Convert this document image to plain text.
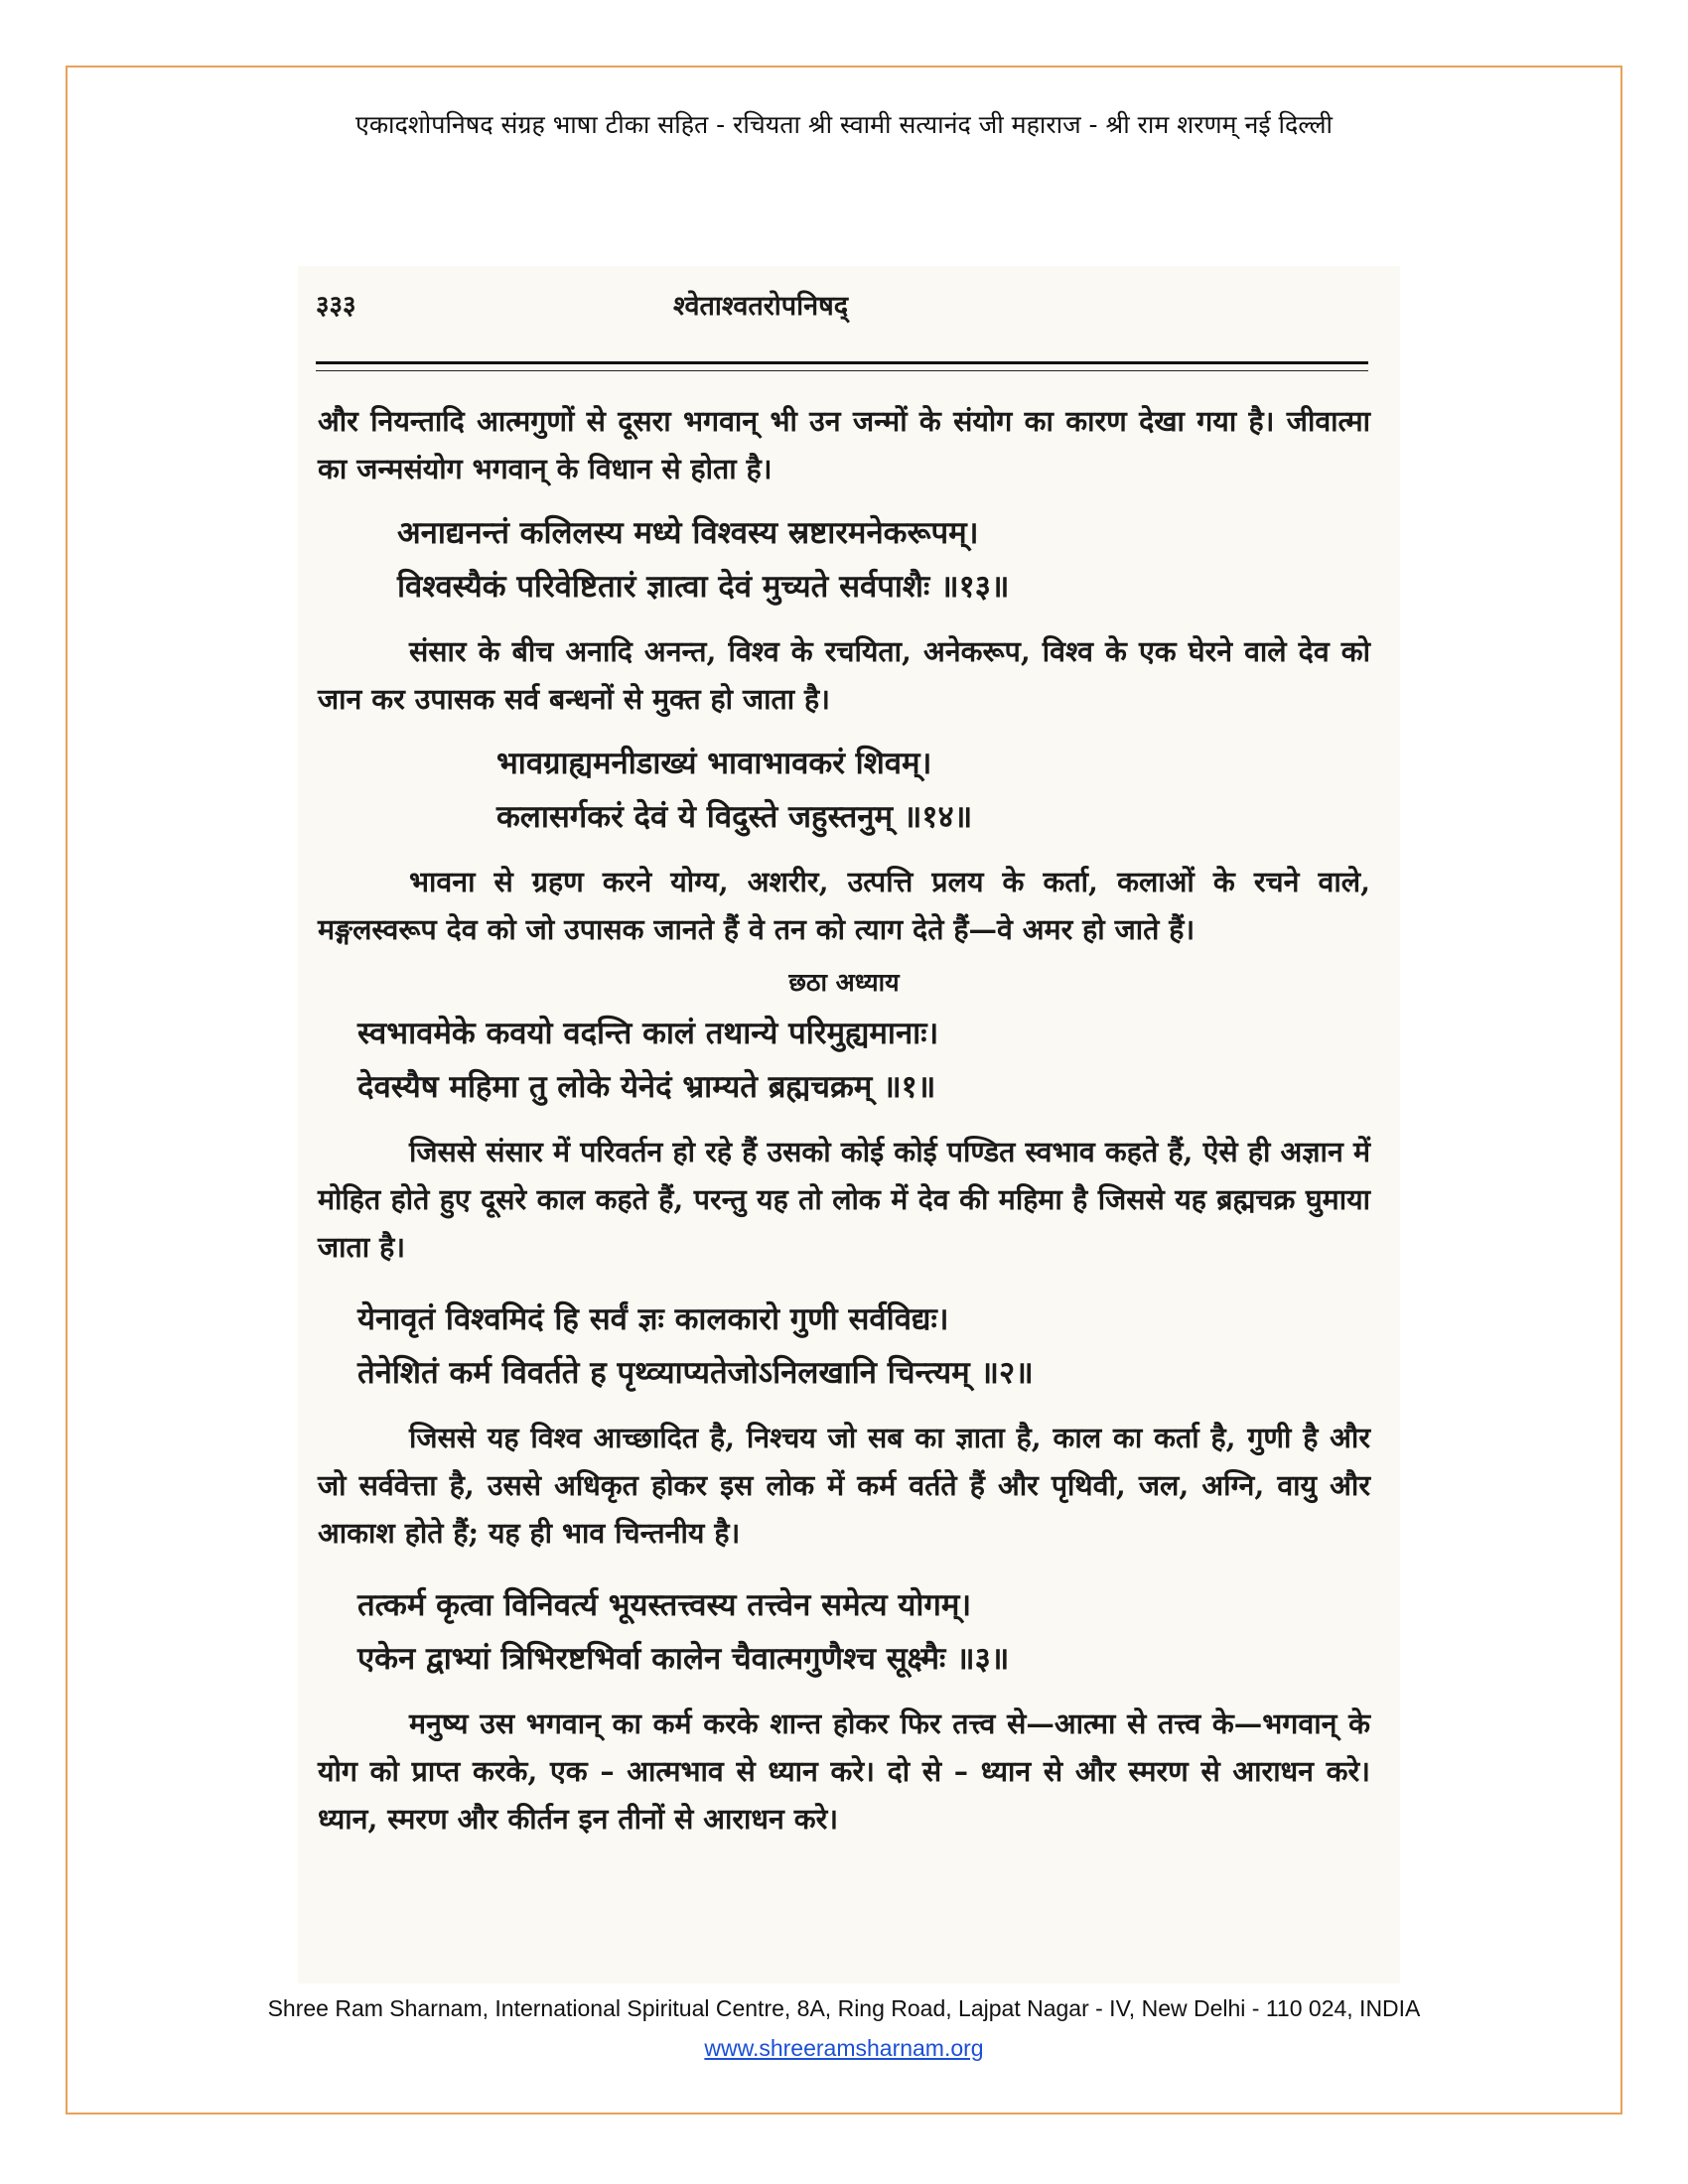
एकादशोपनिषद संग्रह भाषा टीका सहित - रचियता श्री स्वामी सत्यानंद जी महाराज - श्री राम शरणम् नई दिल्ली
३३३	श्वेताश्वतरोपनिषद्

और नियन्तादि आत्मगुणों से दूसरा भगवान् भी उन जन्मों के संयोग का कारण देखा गया है। जीवात्मा का जन्मसंयोग भगवान् के विधान से होता है।

अनाद्यनन्तं कलिलस्य मध्ये विश्वस्य स्रष्टारमनेकरूपम्।

विश्वस्यैकं परिवेष्टितारं ज्ञात्वा देवं मुच्यते सर्वपाशैः ॥१३॥

संसार के बीच अनादि अनन्त, विश्व के रचयिता, अनेकरूप, विश्व के एक घेरने वाले देव को जान कर उपासक सर्व बन्धनों से मुक्त हो जाता है।

भावग्राह्यमनीडाख्यं भावाभावकरं शिवम्।

कलासर्गकरं देवं ये विदुस्ते जहुस्तनुम् ॥१४॥

भावना से ग्रहण करने योग्य, अशरीर, उत्पत्ति प्रलय के कर्ता, कलाओं के रचने वाले, मङ्गलस्वरूप देव को जो उपासक जानते हैं वे तन को त्याग देते हैं—वे अमर हो जाते हैं।

छठा अध्याय

स्वभावमेके कवयो वदन्ति कालं तथान्ये परिमुह्यमानाः।

देवस्यैष महिमा तु लोके येनेदं भ्राम्यते ब्रह्मचक्रम् ॥१॥

जिससे संसार में परिवर्तन हो रहे हैं उसको कोई कोई पण्डित स्वभाव कहते हैं, ऐसे ही अज्ञान में मोहित होते हुए दूसरे काल कहते हैं, परन्तु यह तो लोक में देव की महिमा है जिससे यह ब्रह्मचक्र घुमाया जाता है।

येनावृतं विश्वमिदं हि सर्वं ज्ञः कालकारो गुणी सर्वविद्यः।

तेनेशितं कर्म विवर्तते ह पृथ्व्याप्यतेजोऽनिलखानि चिन्त्यम् ॥२॥

जिससे यह विश्व आच्छादित है, निश्चय जो सब का ज्ञाता है, काल का कर्ता है, गुणी है और जो सर्ववेत्ता है, उससे अधिकृत होकर इस लोक में कर्म वर्तते हैं और पृथिवी, जल, अग्नि, वायु और आकाश होते हैं; यह ही भाव चिन्तनीय है।

तत्कर्म कृत्वा विनिवर्त्य भूयस्तत्त्वस्य तत्त्वेन समेत्य योगम्।

एकेन द्वाभ्यां त्रिभिरष्टभिर्वा कालेन चैवात्मगुणैश्च सूक्ष्मैः ॥३॥

मनुष्य उस भगवान् का कर्म करके शान्त होकर फिर तत्त्व से—आत्मा से तत्त्व के—भगवान् के योग को प्राप्त करके, एक – आत्मभाव से ध्यान करे। दो से – ध्यान से और स्मरण से आराधन करे। ध्यान, स्मरण और कीर्तन इन तीनों से आराधन करे।

Shree Ram Sharnam, International Spiritual Centre, 8A, Ring Road, Lajpat Nagar - IV, New Delhi - 110 024, INDIA
www.shreeramsharnam.org
